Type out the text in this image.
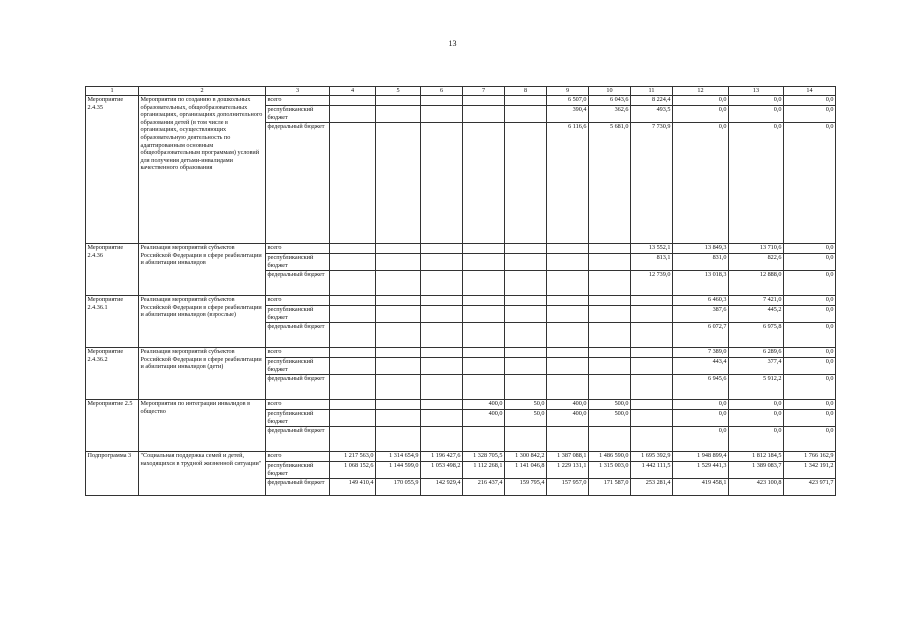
13
1	2	3	4	5	6	7	8	9	10	11	12	13	14
Мероприятие 2.4.35	Мероприятия по созданию в дошкольных образовательных, общеобразовательных организациях, организациях дополнительного образования детей (в том числе в организациях, осуществляющих образовательную деятельность по адаптированным основным общеобразовательным программам) условий для получения детьми-инвалидами качественного образования	всего						6 507,0	6 043,6	8 224,4	0,0	0,0	0,0
		республиканский бюджет						390,4	362,6	493,5	0,0	0,0	0,0
		федеральный бюджет						6 116,6	5 681,0	7 730,9	0,0	0,0	0,0
Мероприятие 2.4.36	Реализация мероприятий субъектов Российской Федерации в сфере реабилитации и абилитации инвалидов	всего								13 552,1	13 849,3	13 710,6	0,0
		республиканский бюджет								813,1	831,0	822,6	0,0
		федеральный бюджет								12 739,0	13 018,3	12 888,0	0,0
Мероприятие 2.4.36.1	Реализация мероприятий субъектов Российской Федерации в сфере реабилитации и абилитации инвалидов (взрослые)	всего									6 460,3	7 421,0	0,0
		республиканский бюджет									387,6	445,2	0,0
		федеральный бюджет									6 072,7	6 975,8	0,0
Мероприятие 2.4.36.2	Реализация мероприятий субъектов Российской Федерации в сфере реабилитации и абилитации инвалидов (дети)	всего									7 389,0	6 289,6	0,0
		республиканский бюджет									443,4	377,4	0,0
		федеральный бюджет									6 945,6	5 912,2	0,0
Мероприятие 2.5	Мероприятия по интеграции инвалидов в общество	всего				400,0	50,0	400,0	500,0		0,0	0,0	0,0
		республиканский бюджет				400,0	50,0	400,0	500,0		0,0	0,0	0,0
		федеральный бюджет									0,0	0,0	0,0
Подпрограмма 3	"Социальная поддержка семей и детей, находящихся в трудной жизненной ситуации"	всего	1 217 563,0	1 314 654,9	1 196 427,6	1 328 705,5	1 300 842,2	1 387 088,1	1 486 590,0	1 695 392,9	1 948 899,4	1 812 184,5	1 766 162,9
		республиканский бюджет	1 068 152,6	1 144 599,0	1 053 498,2	1 112 268,1	1 141 046,8	1 229 131,1	1 315 003,0	1 442 111,5	1 529 441,3	1 389 083,7	1 342 191,2
		федеральный бюджет	149 410,4	170 055,9	142 929,4	216 437,4	159 795,4	157 957,0	171 587,0	253 281,4	419 458,1	423 100,8	423 971,7
